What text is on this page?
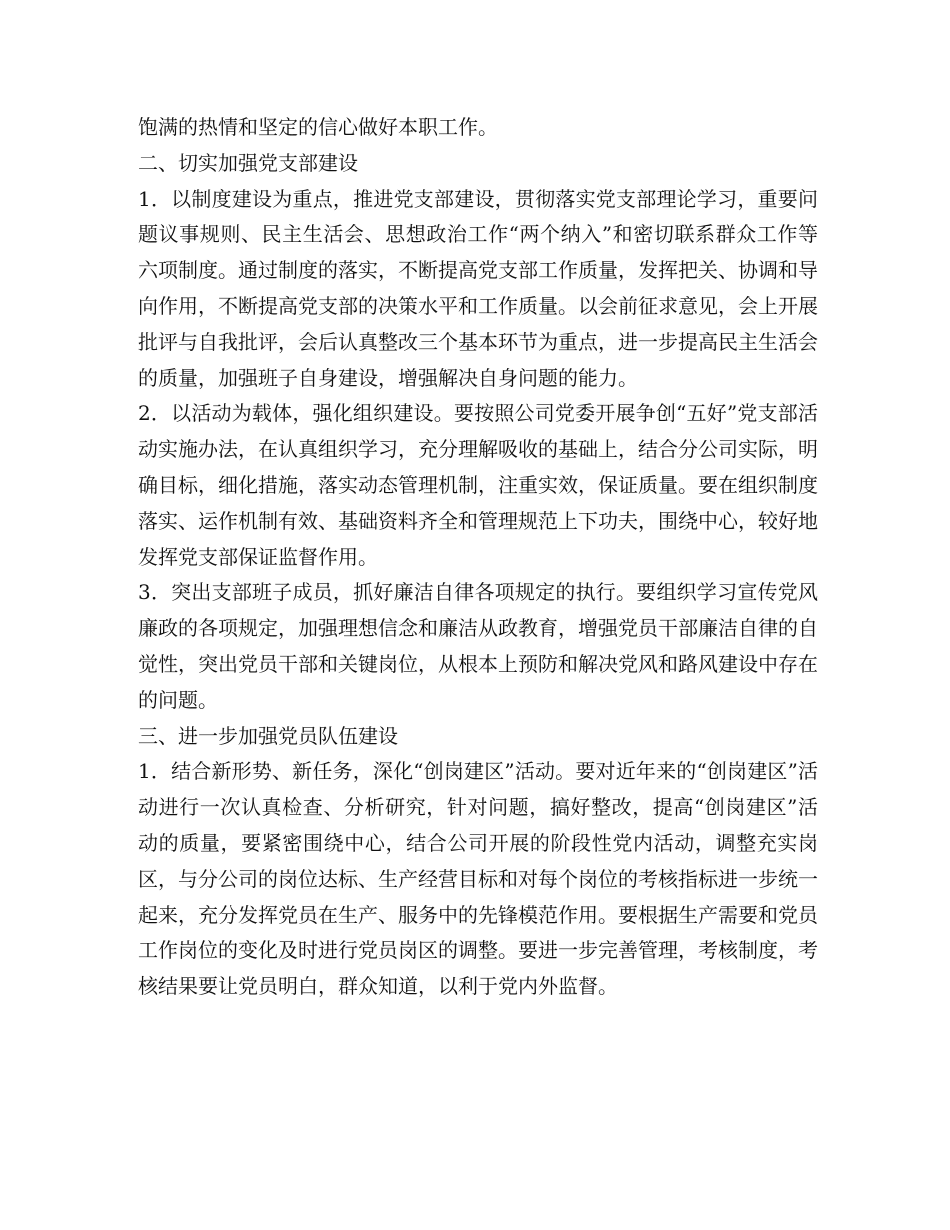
饱满的热情和坚定的信心做好本职工作。

二、切实加强党支部建设

1．以制度建设为重点，推进党支部建设，贯彻落实党支部理论学习，重要问题议事规则、民主生活会、思想政治工作“两个纳入”和密切联系群众工作等六项制度。通过制度的落实，不断提高党支部工作质量，发挥把关、协调和导向作用，不断提高党支部的决策水平和工作质量。以会前征求意见，会上开展批评与自我批评，会后认真整改三个基本环节为重点，进一步提高民主生活会的质量，加强班子自身建设，增强解决自身问题的能力。

2．以活动为载体，强化组织建设。要按照公司党委开展争创“五好”党支部活动实施办法，在认真组织学习，充分理解吸收的基础上，结合分公司实际，明确目标，细化措施，落实动态管理机制，注重实效，保证质量。要在组织制度落实、运作机制有效、基础资料齐全和管理规范上下功夫，围绕中心，较好地发挥党支部保证监督作用。

3．突出支部班子成员，抓好廉洁自律各项规定的执行。要组织学习宣传党风廉政的各项规定，加强理想信念和廉洁从政教育，增强党员干部廉洁自律的自觉性，突出党员干部和关键岗位，从根本上预防和解决党风和路风建设中存在的问题。

三、进一步加强党员队伍建设

1．结合新形势、新任务，深化“创岗建区”活动。要对近年来的“创岗建区”活动进行一次认真检查、分析研究，针对问题，搞好整改，提高“创岗建区”活动的质量，要紧密围绕中心，结合公司开展的阶段性党内活动，调整充实岗区，与分公司的岗位达标、生产经营目标和对每个岗位的考核指标进一步统一起来，充分发挥党员在生产、服务中的先锋模范作用。要根据生产需要和党员工作岗位的变化及时进行党员岗区的调整。要进一步完善管理，考核制度，考核结果要让党员明白，群众知道，以利于党内外监督。
